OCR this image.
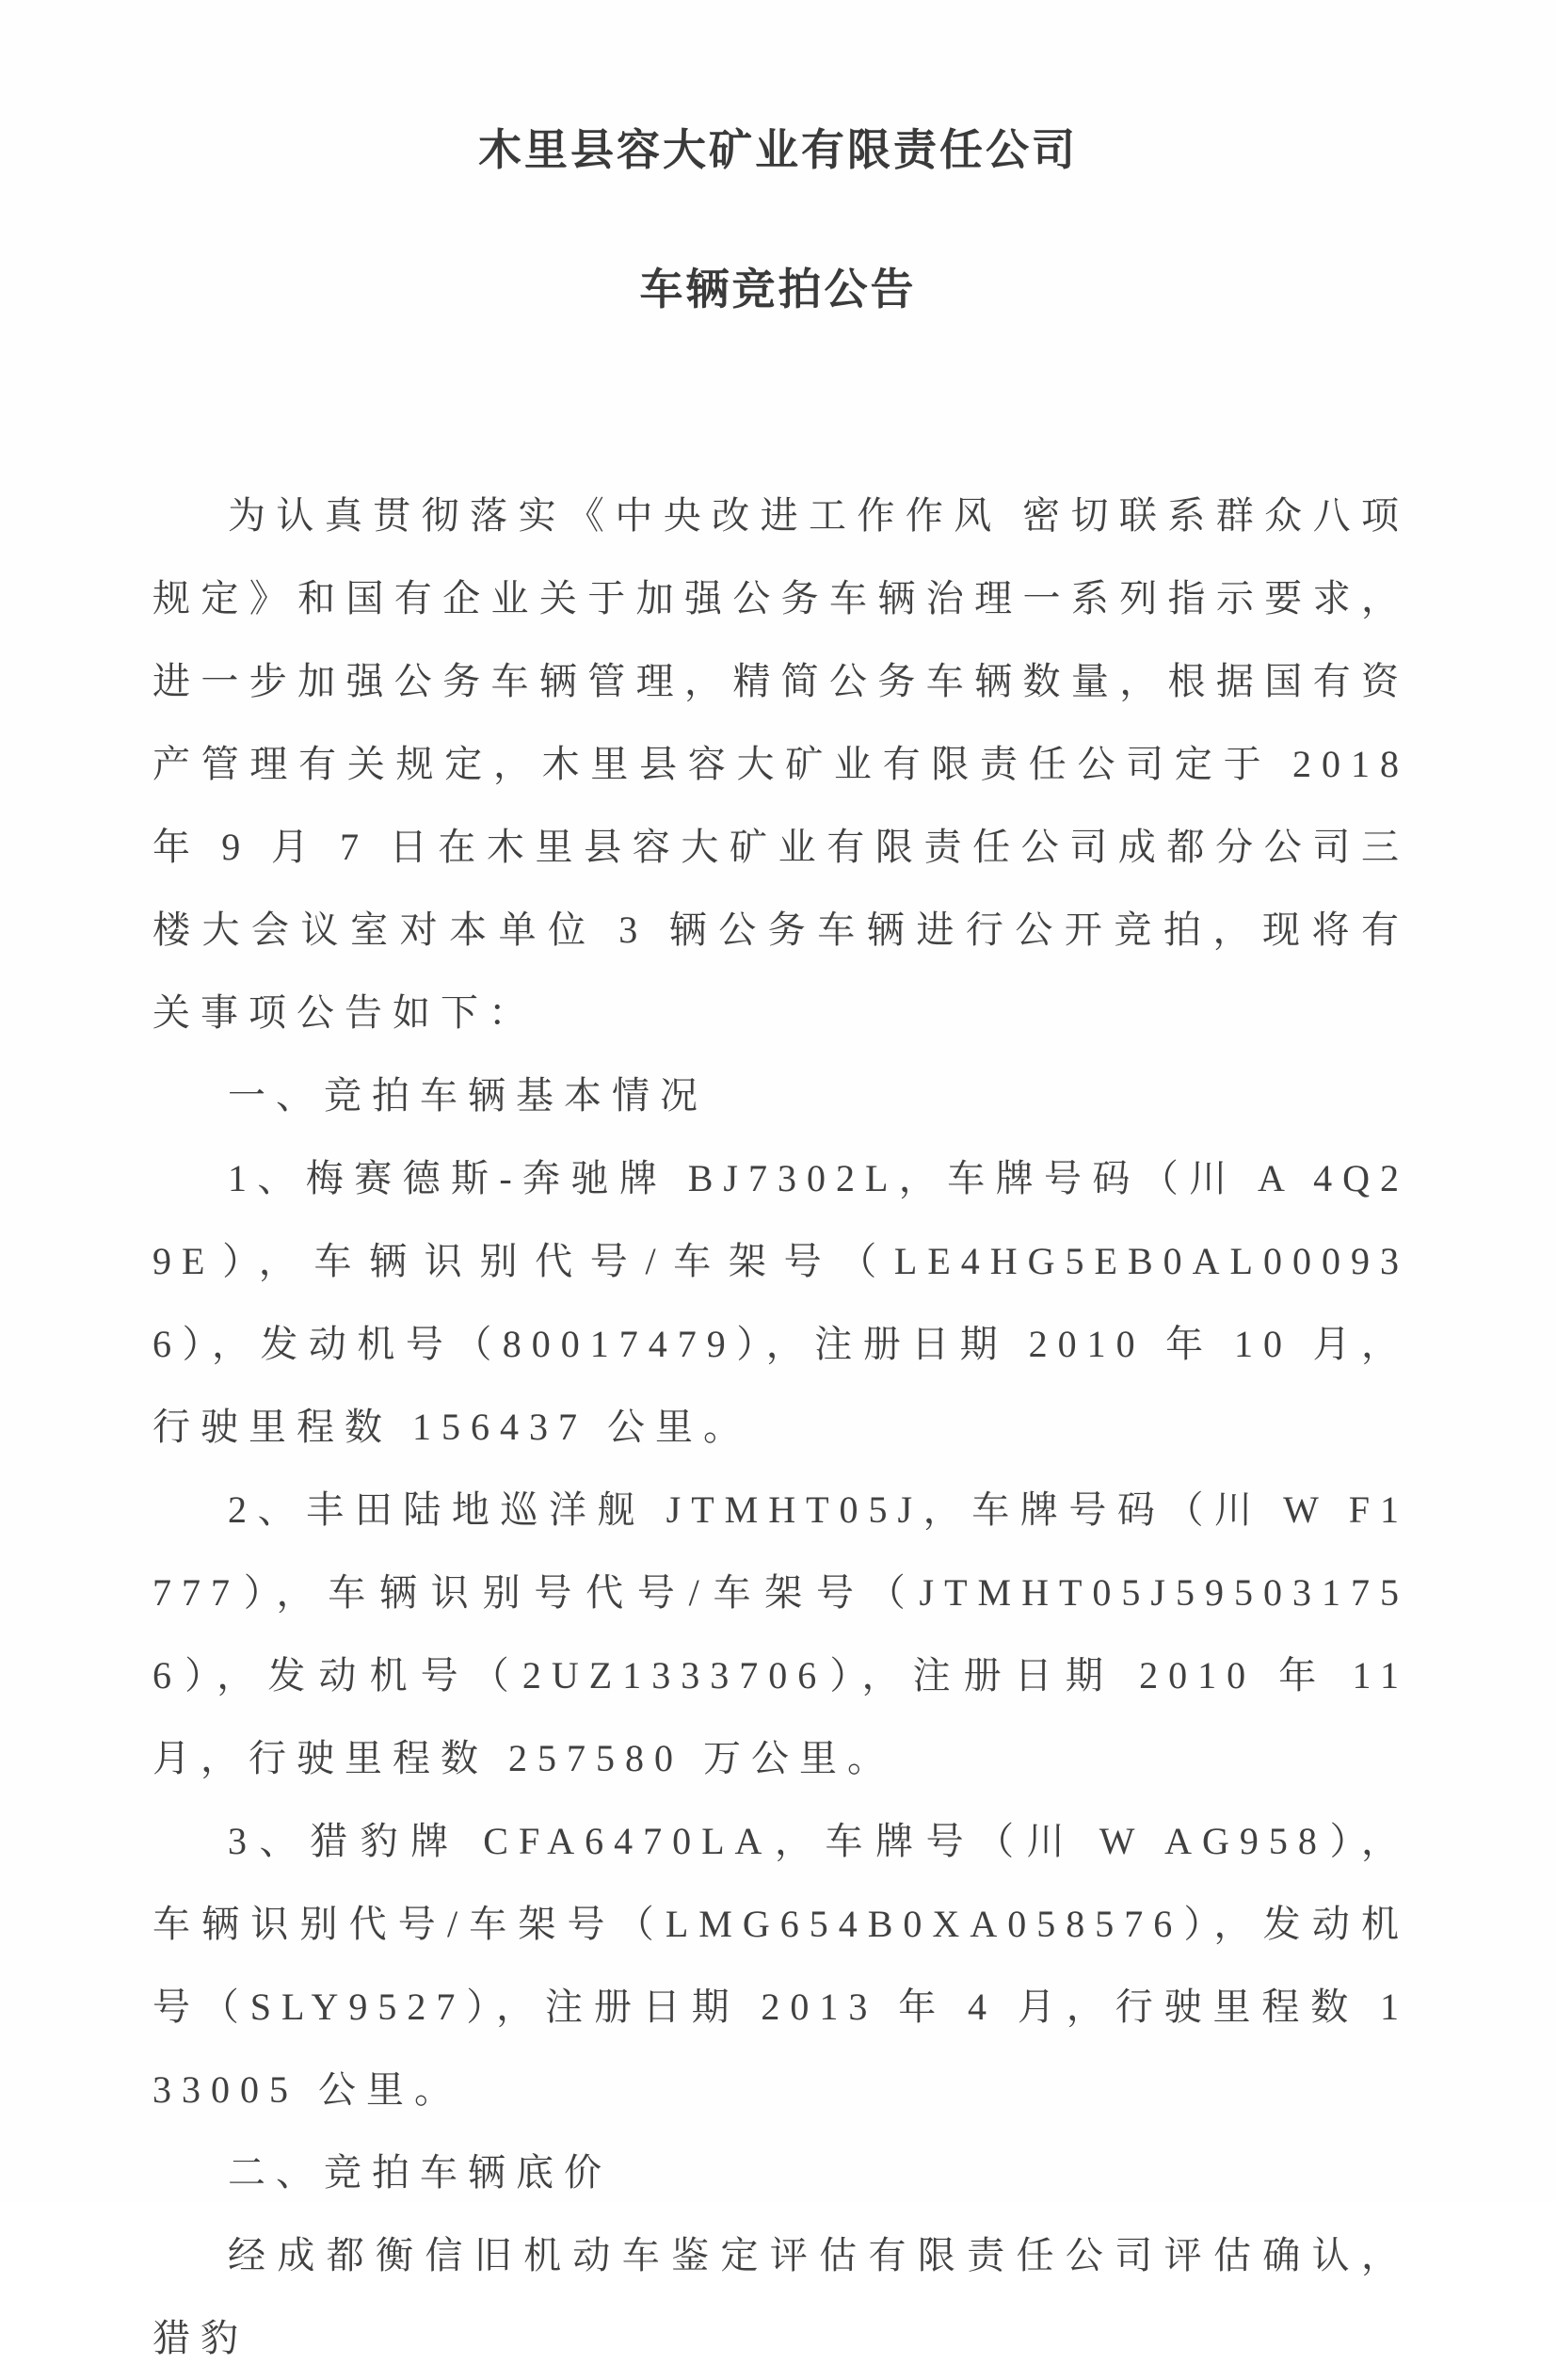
木里县容大矿业有限责任公司
车辆竞拍公告

为认真贯彻落实《中央改进工作作风 密切联系群众八项规定》和国有企业关于加强公务车辆治理一系列指示要求，进一步加强公务车辆管理，精简公务车辆数量，根据国有资产管理有关规定，木里县容大矿业有限责任公司定于 2018 年 9 月 7 日在木里县容大矿业有限责任公司成都分公司三楼大会议室对本单位 3 辆公务车辆进行公开竞拍，现将有关事项公告如下：

一、竞拍车辆基本情况

1、梅赛德斯-奔驰牌 BJ7302L，车牌号码（川 A 4Q29E），车辆识别代号/车架号（LE4HG5EB0AL000936），发动机号（80017479），注册日期 2010 年 10 月，行驶里程数 156437 公里。

2、丰田陆地巡洋舰 JTMHT05J，车牌号码（川 W F1777），车辆识别号代号/车架号（JTMHT05J595031756），发动机号（2UZ1333706），注册日期 2010 年 11 月，行驶里程数 257580 万公里。

3、猎豹牌 CFA6470LA，车牌号（川 W AG958），车辆识别代号/车架号（LMG654B0XA058576），发动机号（SLY9527），注册日期 2013 年 4 月，行驶里程数 133005 公里。

二、竞拍车辆底价

经成都衡信旧机动车鉴定评估有限责任公司评估确认，猎豹
